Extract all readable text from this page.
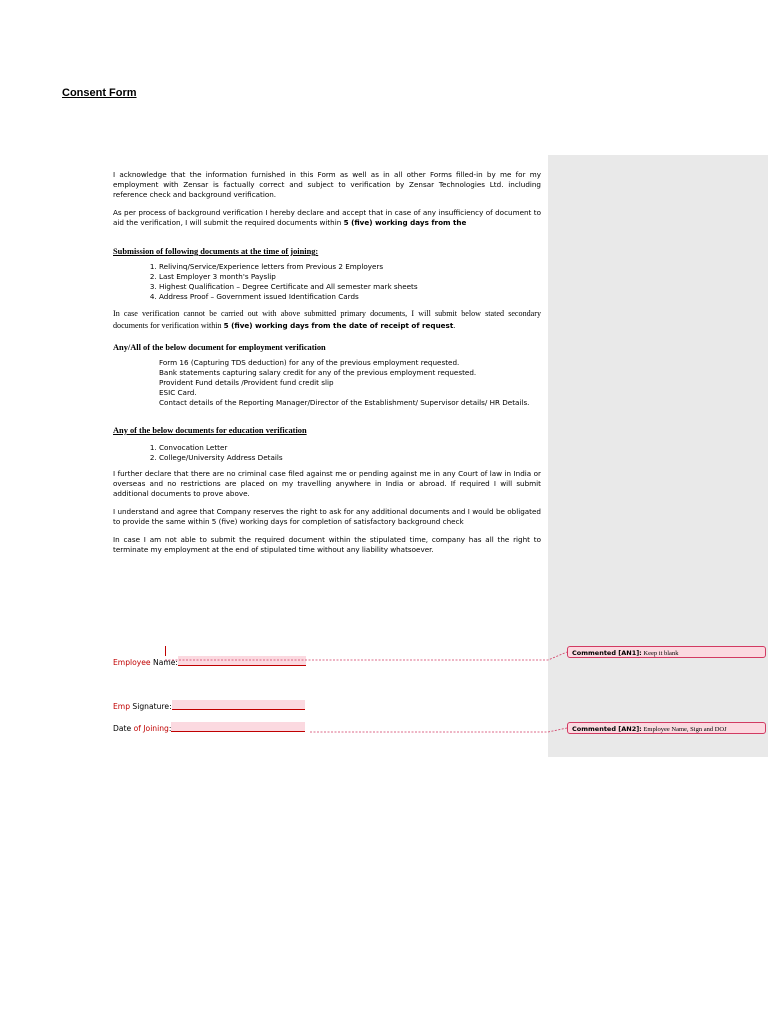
Consent Form

I acknowledge that the information furnished in this Form as well as in all other Forms filled-in by me for my employment with Zensar is factually correct and subject to verification by Zensar Technologies Ltd. including reference check and background verification.

As per process of background verification I hereby declare and accept that in case of any insufficiency of document to aid the verification, I will submit the required documents within 5 (five) working days from the

Submission of following documents at the time of joining:
1. Relivinq/Service/Experience letters from Previous 2 Employers
2. Last Employer 3 month's Payslip
3. Highest Qualification – Degree Certificate and All semester mark sheets
4. Address Proof – Government issued Identification Cards

In case verification cannot be carried out with above submitted primary documents, I will submit below stated secondary documents for verification within 5 (five) working days from the date of receipt of request.

Any/All of the below document for employment verification
Form 16 (Capturing TDS deduction) for any of the previous employment requested.
Bank statements capturing salary credit for any of the previous employment requested.
Provident Fund details /Provident fund credit slip
ESIC Card.
Contact details of the Reporting Manager/Director of the Establishment/ Supervisor details/ HR Details.
Any of the below documents for education verification
1. Convocation Letter
2. College/University Address Details

I further declare that there are no criminal case filed against me or pending against me in any Court of law in India or overseas and no restrictions are placed on my travelling anywhere in India or abroad. If required I will submit additional documents to prove above.

I understand and agree that Company reserves the right to ask for any additional documents and I would be obligated to provide the same within 5 (five) working days for completion of satisfactory background check

In case I am not able to submit the required document within the stipulated time, company has all the right to terminate my employment at the end of stipulated time without any liability whatsoever.

Employee Name:
Emp Signature:
Date of Joining:
Commented [AN1]: Keep it blank
Commented [AN2]: Employee Name, Sign and DOJ
